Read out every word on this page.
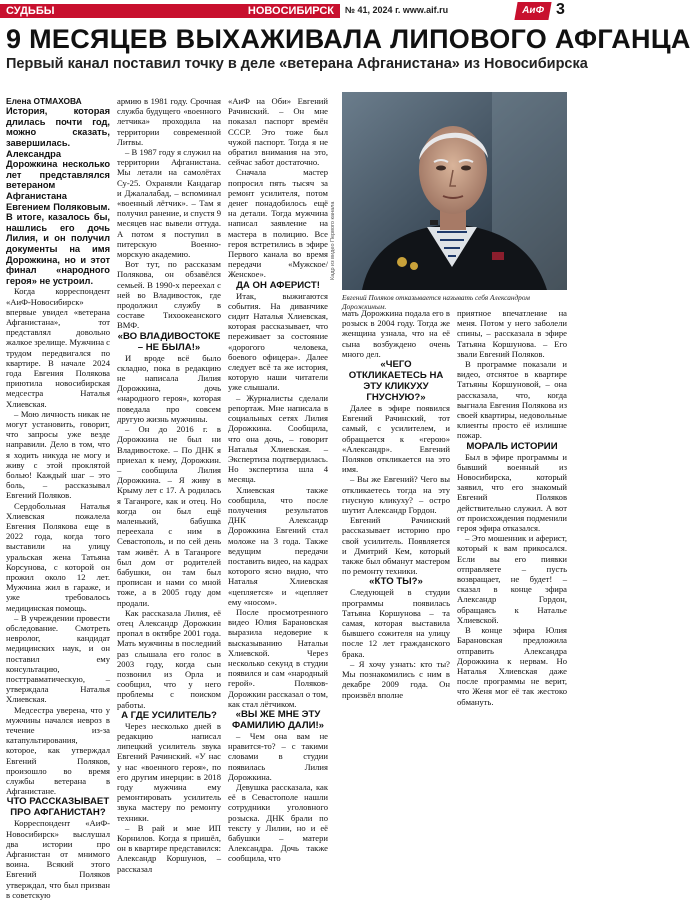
СУДЬБЫ	НОВОСИБИРСК № 41, 2024 г. www.aif.ru	АиФ 3
9 МЕСЯЦЕВ ВЫХАЖИВАЛА ЛИПОВОГО АФГАНЦА
Первый канал поставил точку в деле «ветерана Афганистана» из Новосибирска

Елена ОТМАХОВА

История, которая длилась почти год, можно сказать, завершилась. Александра Дорожкина несколько лет представлялся ветераном Афганистана Евгением Поляковым. В итоге, казалось бы, нашлись его дочь Лилия, и он получил документы на имя Дорожкина, но и этот финал «народного героя» не устроил.

Когда корреспондент «АиФ-Новосибирск» впервые увидел «ветерана Афганистана», тот представлял довольно жалкое зрелище. Мужчина с трудом передвигался по квартире. В начале 2024 года Евгения Полякова приютила новосибирская медсестра Наталья Хлиевская.

– Мою личность никак не могут установить, говорит, что запросы уже везде направили. Дело в том, что я ходить никуда не могу и живу с этой проклятой болью! Каждый шаг – это боль, – рассказывал Евгений Поляков.

Сердобольная Наталья Хлиевская пожалела Евгения Полякова еще в 2022 года, когда того выставили на улицу уральская жена Татьяна Корсунова, с которой он прожил около 12 лет. Мужчина жил в гараже, и уже требовалось медицинская помощь.

– В учреждении провести обследование. Смотреть невролог, кандидат медицинских наук, и он поставил ему консультацию, посттравматическую, – утверждала Наталья Хлиевская.

Медсестра уверена, что у мужчины начался невроз в течение из-за катапультирования, которое, как утверждал Евгений Поляков, произошло во время службы ветерана в Афганистане.

ЧТО РАССКАЗЫВАЕТ ПРО АФГАНИСТАН?

Корреспондент «АиФ-Новосибирск» выслушал два истории про Афганистан от мнимого воина. Всякий этого Евгений Поляков утверждал, что был призван в советскую

армию в 1981 году. Срочная служба будущего «военного летчика» проходила на территории современной Литвы.

– В 1987 году я служил на территории Афганистана. Мы летали на самолётах Су-25. Охраняли Кандагар и Джалалабад, – вспоминал «военный лётчик». – Там я получил ранение, и спустя 9 месяцев нас вывели оттуда. А потом я поступил в питерскую Военно-морскую академию.

Вот тут, по рассказам Полякова, он обзавёлся семьей. В 1990-х переехал с ней во Владивосток, где продолжил службу в составе Тихоокеанского ВМФ.

«ВО ВЛАДИВОСТОКЕ – НЕ БЫЛА!»

И вроде всё было складно, пока в редакцию не написала Лилия Дорожкина, дочь «народного героя», которая поведала про совсем другую жизнь мужчины.

– Он до 2016 г. в Дорожкина не был ни Владивостоке. – По ДНК я приехал к нему, Дорожкин. – сообщила Лилия Дорожкина. – Я живу в Крыму лет с 17. А родилась я Таганроге, как и отец. Но когда он был ещё маленький, бабушка переехала с ним в Севастополь, и по сей день там живёт. А в Таганроге был дом от родителей бабушки, он там был прописан и нами со мной тоже, а в 2005 году дом продали.

Как рассказала Лилия, её отец Александр Дорожкин пропал в октябре 2001 года. Мать мужчины в последний раз слышала его голос в 2003 году, когда сын позвонил из Орла и сообщил, что у него проблемы с поиском работы.

А ГДЕ УСИЛИТЕЛЬ?

Через несколько дней в редакцию написал липецкий усилитель звука Евгений Рачинский. «У нас у нас «военного героя», по его другим инерции: в 2018 году мужчина ему ремонтировать усилитель звука мастеру по ремонту техники.

– В рай и мне ИП Корнилов. Когда я пришёл, он в квартире представился: Александр Коршунов, – рассказал

«АиФ на Оби» Евгений Рачинский. – Он мне показал паспорт времён СССР. Это тоже был чужой паспорт. Тогда я не обратил внимания на это, сейчас забот достаточно.

Сначала мастер попросил пять тысяч за ремонт усилителя, потом денег понадобилось ещё на детали. Тогда мужчина написал заявление на мастера в полицию. Все героя встретились в эфире Первого канала во время передачи «Мужское/Женское».

ДА ОН АФЕРИСТ!

Итак, выжигаются события. На диванчике сидит Наталья Хлиевская, которая рассказывает, что переживает за состояние «дорогого человека, боевого офицера». Далее следует всё та же история, которую наши читатели уже слышали.

– Журналисты сделали репортаж. Мне написала в социальных сетях Лилия Дорожкина. Сообщила, что она дочь, – говорит Наталья Хлиевская. – Экспертиза подтвердилась. Но экспертиза шла 4 месяца.

Хлиевская также сообщила, что после получения результатов ДНК Александр Дорожкина Евгений стал моложе на 3 года. Также ведущим передачи поставить видео, на кадрах которого ясно видно, что Наталья Хлиевская «цепляется» и «цепляет ему «носом».

После просмотренного видео Юлия Барановская выразила недоверие к высказыванию Натальи Хлиевской. Через несколько секунд в студии появился и сам «народный герой». Поляков-Дорожкин рассказал о том, как стал лётчиком.

«ВЫ ЖЕ МНЕ ЭТУ ФАМИЛИЮ ДАЛИ!»

– Чем она вам не нравится-то? – с такими словами в студии появилась Лилия Дорожкина.

Девушка рассказала, как её в Севастополе нашли сотрудники уголовного розыска. ДНК брали по тексту у Лилии, но и её бабушки – матери Александра. Дочь также сообщила, что

Кадр из видео Первого канала
Евгений Поляков отказывается называть себя Александром Дорожкиным.

мать Дорожкина подала его в розыск в 2004 году. Тогда же женщина узнала, что на её сына возбуждено очень много дел.

«ЧЕГО ОТКЛИКАЕТЕСЬ НА ЭТУ КЛИКУХУ ГНУСНУЮ?»

Далее в эфире появился Евгений Рачинский, тот самый, с усилителем, и обращается к «герою» «Александр». Евгений Поляков откликается на это имя.

– Вы же Евгений? Чего вы откликаетесь тогда на эту гнусную кликуху? – остро шутит Александр Гордон.

Евгений Рачинский рассказывает историю про свой усилитель. Появляется и Дмитрий Кем, который также был обманут мастером по ремонту техники.

«КТО ТЫ?»

Следующей в студии программы появилась Татьяна Коршунова – та самая, которая выставила бывшего сожителя на улицу после 12 лет гражданского брака.

– Я хочу узнать: кто ты? Мы познакомились с ним в декабре 2009 года. Он произвёл вполне

приятное впечатление на меня. Потом у него заболели спины, – рассказала в эфире Татьяна Коршунова. – Его звали Евгений Поляков.

В программе показали и видео, отснятое в квартире Татьяны Коршуновой, – она рассказала, что, когда выгнала Евгения Полякова из своей квартиры, недовольные клиенты просто её излишне пожар.

МОРАЛЬ ИСТОРИИ

Был в эфире программы и бывший военный из Новосибирска, который заявил, что его знакомый Евгений Поляков действительно служил. А вот от происхождения подменили героя эфира отказался.

– Это мошенник и аферист, который к вам прикосался. Если вы его пиявки отправляете – пусть возвращает, не будет! – сказал в конце эфира Александр Гордон, обращаясь к Наталье Хлиевской.

В конце эфира Юлия Барановская предложила отправить Александра Дорожкина к нервам. Но Наталья Хлиевская даже после программы не верит, что Женя мог её так жестоко обмануть.
